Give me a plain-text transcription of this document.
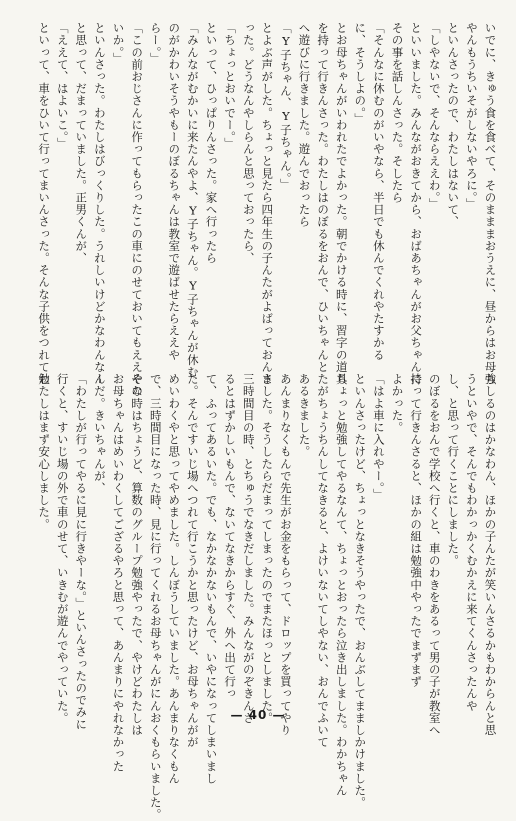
いでに、きゅう食を食べて、そのまままおうえに、昼からはお母ち
やんもうちいそがしないやろに。」
といんさったので、わたしはないて、
「しやないで、そんならええわ。」
といいました。みんながおきてから、おばあちゃんがお父ちゃんに
その事を話しんさった。そしたら
「そんなに休むのがいやなら、半日でも休んでくれやたすかる
に、そうしよの。」
とお母ちゃんがいわれたでよかった。朝でかける時に、習字の道具
を持って行きんさった。わたしはのぼるをおんで、ひいちゃんと
へ遊びに行きました。遊んでおったら
「Y子ちゃん、Y子ちゃん。」
とよぶ声がした。ちょっと見たら四年生の子んたがよばっておんさ
った。どうなんやしらんと思っておったら、
「ちょっとおいでー。」
といって、ひっぱりんさった。家へ行ったら
「みんながむかいに来たんやよ、Y子ちゃん。Y子ちゃんが休む
のがかわいそうやもーのぼるちゃんは教室で遊ばせたらええや
らー。」
「この前おじさんに作ってもらったこの車にのせておいてもええやな
いか。」
といんさった。わたしはびっくりした。うれしいけどかなわんなー
と思って、だまっていました。正男くんが、
「ええて、はよいこ。」
といって、車をひいて行ってまいんさった。そんな子供をつれて勉
強しるのはかなわん、ほかの子んたが笑いんさるかもわからんと思
うといやで、そんでもわかっかくむかえに来てくんさったんや
し、と思って行くことにしました。
のぼるをおんで学校へ行くと、車のわきをあるって男の子が教室へ
持って行きんさると、ほかの組は勉強中やったでまずまず
よかった。
「はよ車に入れやー。」
といんさったけど、ちょっとなきそうやったで、おんぶしてまましかけました。
ちょっと勉強してやるなんて、ちょっとおったら泣き出しました。わかちゃん
たがちょうちんしてなきると、よけいないてしやない、おんでふいて
あるきました。
あんまりなくもんで先生がお金をもらって、ドロップを買ってやり
ました。そうしたらだまってしまったのでまたほっとしました。
三時間目の時、とちゅうでなきだしました。みんながのぞきんさ
るとはずかしいもんで、ないてなきからすぐ、外へ出て行っ
て、ふってあるいた。でも、なかなかないもんで、いやになってしまいまし
た。そんですいじ場へつれて行こうかと思ったけど、お母ちゃんがが
めいわくやと思ってやめました。しんぼうしていました。あんまりなくもん
で、三時間目になった時、見に行ってくれるお母ちゃんがにんおくもらいました。
その時はちょうど、算数のグループ勉強やったで、やけどわたしは
お母ちゃんはめいわくしてござるやろと思って、あんまりにやれなかった
んだ。きいちゃんが、
「わたしが行ってやるに見に行きやーな。」といんさったのでみに
行くと、すいじ場の外で車のせて、いきむが遊んでやっていた。
わたしはまず安心しました。
— 40 —
